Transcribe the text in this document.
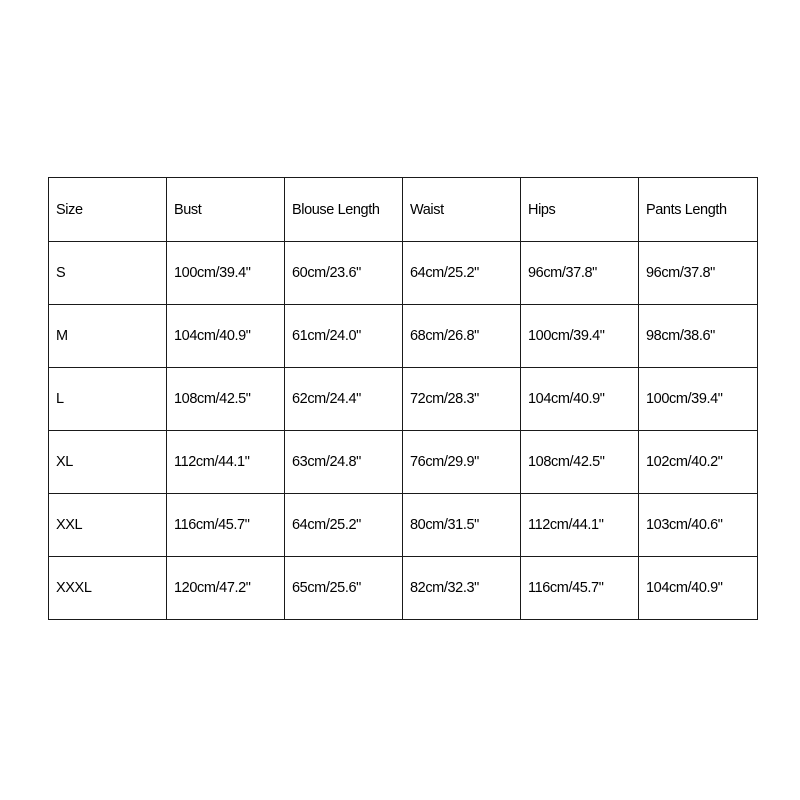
Size	Bust	Blouse Length	Waist	Hips	Pants Length
S	100cm/39.4"	60cm/23.6"	64cm/25.2"	96cm/37.8"	96cm/37.8"
M	104cm/40.9"	61cm/24.0"	68cm/26.8"	100cm/39.4"	98cm/38.6"
L	108cm/42.5"	62cm/24.4"	72cm/28.3"	104cm/40.9"	100cm/39.4"
XL	112cm/44.1"	63cm/24.8"	76cm/29.9"	108cm/42.5"	102cm/40.2"
XXL	116cm/45.7"	64cm/25.2"	80cm/31.5"	112cm/44.1"	103cm/40.6"
XXXL	120cm/47.2"	65cm/25.6"	82cm/32.3"	116cm/45.7"	104cm/40.9"
